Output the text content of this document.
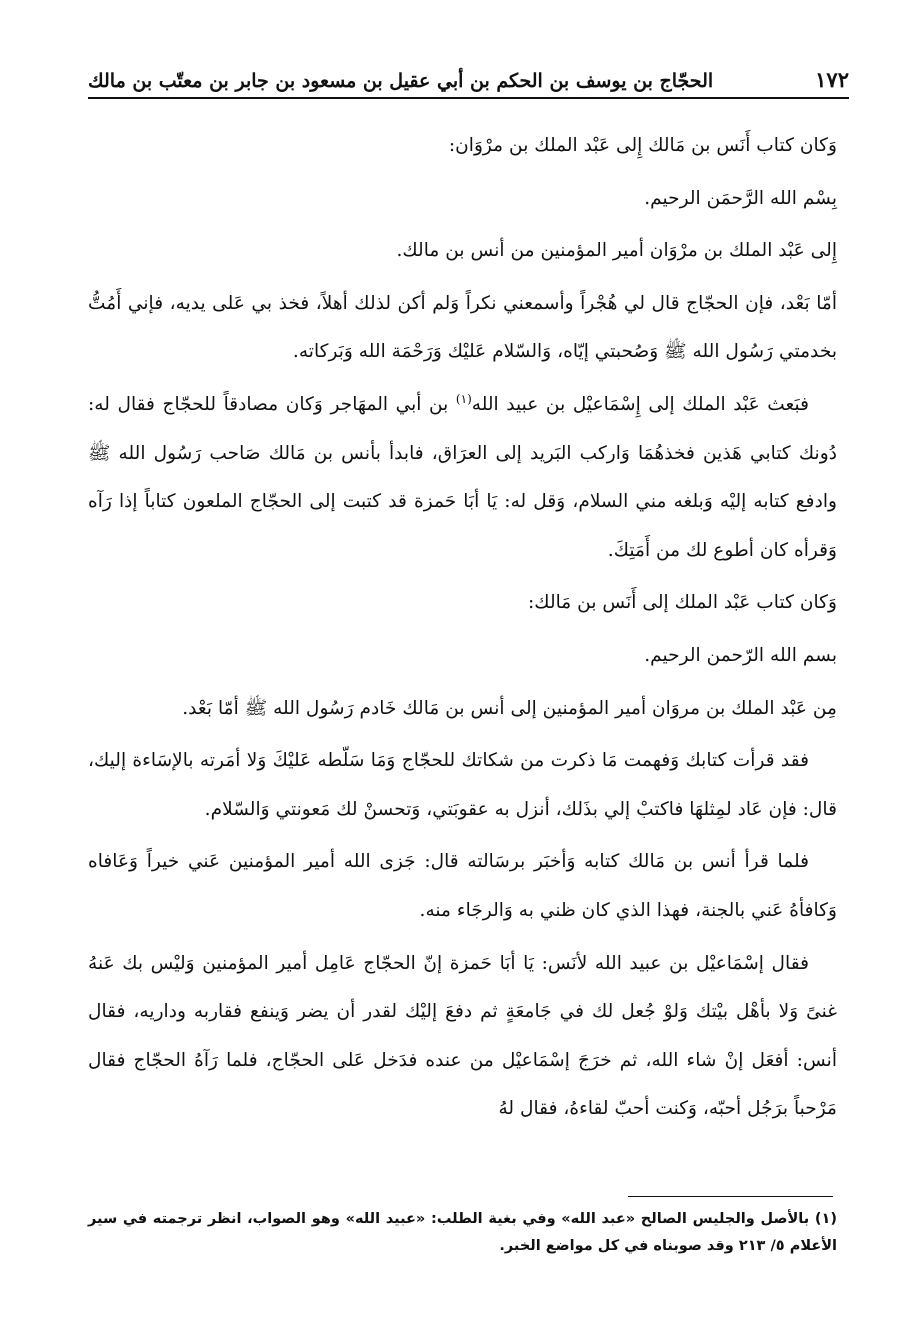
١٧٢
الحجّاج بن يوسف بن الحكم بن أبي عقيل بن مسعود بن جابر بن معتّب بن مالك

وَكان كتاب أَنَس بن مَالك إِلى عَبْد الملك بن مرْوَان:

بِسْم الله الرَّحمَن الرحيم.

إِلى عَبْد الملك بن مرْوَان أمير المؤمنين من أنس بن مالك.

أمّا بَعْد، فإن الحجّاج قال لي هُجْراً وأسمعني نكراً وَلم أكن لذلك أهلاً، فخذ بي عَلى يديه، فإني أَمُتُّ بخدمتي رَسُول الله ﷺ وَصُحبتي إيّاه، وَالسّلام عَليْك وَرَحْمَة الله وَبَركاته.

فبَعث عَبْد الملك إلى إِسْمَاعيْل بن عبيد الله$^{(١)}$ بن أبي المهَاجر وَكان مصادقاً للحجّاج فقال له: دُونك كتابي هَذين فخذهُمَا وَاركب البَريد إلى العرَاق، فابدأ بأنس بن مَالك صَاحب رَسُول الله ﷺ وادفع كتابه إليْه وَبلغه مني السلام، وَقل له: يَا أبَا حَمزة قد كتبت إلى الحجّاج الملعون كتاباً إذا رَآه وَقرأه كان أطوع لك من أَمَتِكَ.

وَكان كتاب عَبْد الملك إلى أَنَس بن مَالك:

بسم الله الرّحمن الرحيم.

مِن عَبْد الملك بن مروَان أمير المؤمنين إلى أنس بن مَالك خَادم رَسُول الله ﷺ أمّا بَعْد.

فقد قرأت كتابك وَفهمت مَا ذكرت من شكاتك للحجّاج وَمَا سَلّطه عَليْكَ وَلا أمَرته بالإسَاءة إليك، قال: فإن عَاد لمِثلهَا فاكتبْ إلي بذَلك، أنزل به عقوبَتي، وَتحسنْ لك مَعونتي وَالسّلام.

فلما قرأ أنس بن مَالك كتابه وَأخبَر برسَالته قال: جَزى الله أمير المؤمنين عَني خيراً وَعَافاه وَكافأهُ عَني بالجنة، فهذا الذي كان ظني به وَالرجَاء منه.

فقال إسْمَاعيْل بن عبيد الله لأنَس: يَا أبَا حَمزة إنّ الحجّاج عَامِل أمير المؤمنين وَليْس بك عَنهُ غنىً وَلا بأهْل بيْتك وَلوْ جُعل لك في جَامعَةٍ ثم دفعَ إليْك لقدر أن يضر وَينفع فقاربه وداريه، فقال أنس: أفعَل إنْ شاء الله، ثم خرَجَ إسْمَاعيْل من عنده فدَخل عَلى الحجّاج، فلما رَآهُ الحجّاج فقال مَرْحباً برَجُل أحبّه، وَكنت أحبّ لقاءهُ، فقال لهُ

(١) بالأصل والجليس الصالح «عبد الله» وفي بغية الطلب: «عبيد الله» وهو الصواب، انظر ترجمته في سير الأعلام ٥/ ٢١٣ وقد صوبناه في كل مواضع الخبر.
